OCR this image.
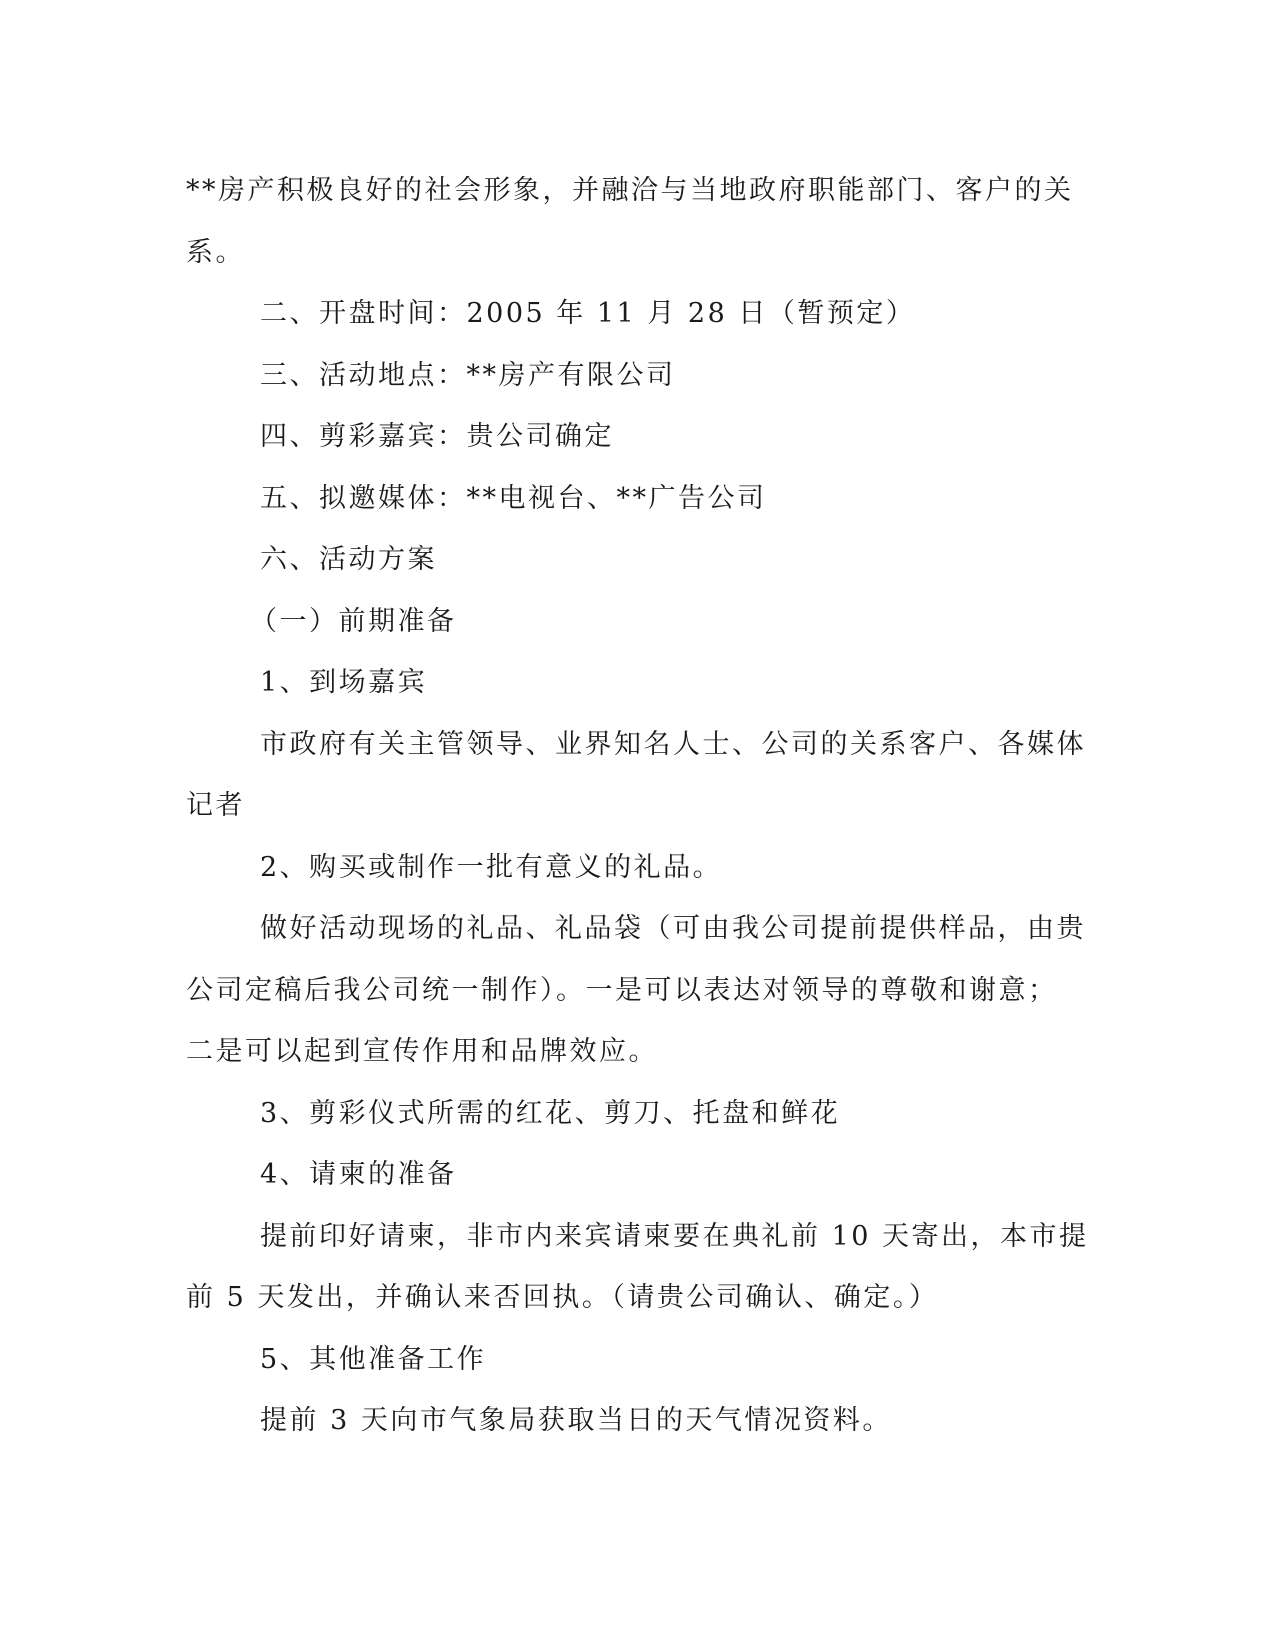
**房产积极良好的社会形象，并融洽与当地政府职能部门、客户的关

系。

二、开盘时间：2005 年 11 月 28 日（暂预定）

三、活动地点：**房产有限公司

四、剪彩嘉宾：贵公司确定

五、拟邀媒体：**电视台、**广告公司

六、活动方案

（一）前期准备

1、到场嘉宾

市政府有关主管领导、业界知名人士、公司的关系客户、各媒体

记者

2、购买或制作一批有意义的礼品。

做好活动现场的礼品、礼品袋（可由我公司提前提供样品，由贵

公司定稿后我公司统一制作）。一是可以表达对领导的尊敬和谢意；

二是可以起到宣传作用和品牌效应。

3、剪彩仪式所需的红花、剪刀、托盘和鲜花

4、请柬的准备

提前印好请柬，非市内来宾请柬要在典礼前 10 天寄出，本市提

前 5 天发出，并确认来否回执。（请贵公司确认、确定。）

5、其他准备工作

提前 3 天向市气象局获取当日的天气情况资料。
